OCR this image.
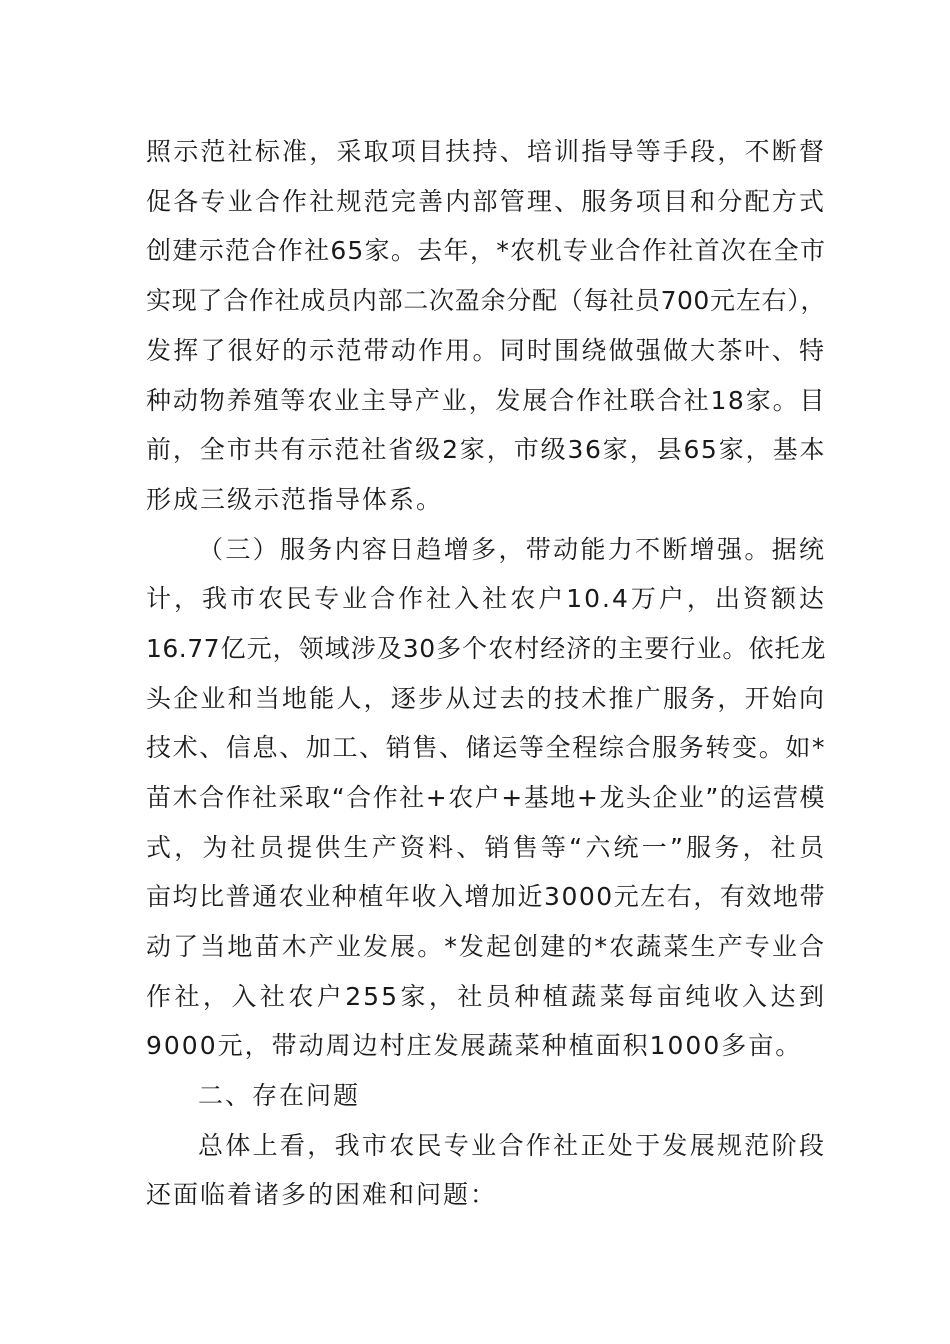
照示范社标准，采取项目扶持、培训指导等手段，不断督
促各专业合作社规范完善内部管理、服务项目和分配方式
创建示范合作社65家。去年，*农机专业合作社首次在全市
实现了合作社成员内部二次盈余分配（每社员700元左右），
发挥了很好的示范带动作用。同时围绕做强做大茶叶、特
种动物养殖等农业主导产业，发展合作社联合社18家。目
前，全市共有示范社省级2家，市级36家，县65家，基本
形成三级示范指导体系。
（三）服务内容日趋增多，带动能力不断增强。据统
计，我市农民专业合作社入社农户10.4万户，出资额达
16.77亿元，领域涉及30多个农村经济的主要行业。依托龙
头企业和当地能人，逐步从过去的技术推广服务，开始向
技术、信息、加工、销售、储运等全程综合服务转变。如*
苗木合作社采取“合作社+农户+基地+龙头企业”的运营模
式，为社员提供生产资料、销售等“六统一”服务，社员
亩均比普通农业种植年收入增加近3000元左右，有效地带
动了当地苗木产业发展。*发起创建的*农蔬菜生产专业合
作社，入社农户255家，社员种植蔬菜每亩纯收入达到
9000元，带动周边村庄发展蔬菜种植面积1000多亩。
二、存在问题
总体上看，我市农民专业合作社正处于发展规范阶段
还面临着诸多的困难和问题：
